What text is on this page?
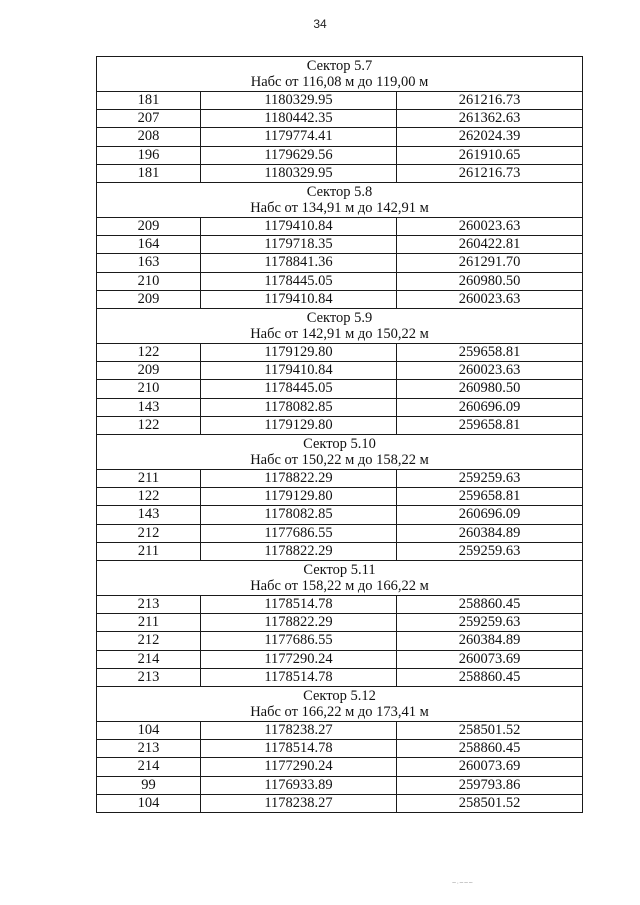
34
Сектор 5.7
Набс от 116,08 м до 119,00 м		

181	1180329.95	261216.73
207	1180442.35	261362.63
208	1179774.41	262024.39
196	1179629.56	261910.65
181	1180329.95	261216.73

Сектор 5.8
Набс от 134,91 м до 142,91 м		

209	1179410.84	260023.63
164	1179718.35	260422.81
163	1178841.36	261291.70
210	1178445.05	260980.50
209	1179410.84	260023.63

Сектор 5.9
Набс от 142,91 м до 150,22 м		

122	1179129.80	259658.81
209	1179410.84	260023.63
210	1178445.05	260980.50
143	1178082.85	260696.09
122	1179129.80	259658.81

Сектор 5.10
Набс от 150,22 м до 158,22 м		

211	1178822.29	259259.63
122	1179129.80	259658.81
143	1178082.85	260696.09
212	1177686.55	260384.89
211	1178822.29	259259.63

Сектор 5.11
Набс от 158,22 м до 166,22 м		

213	1178514.78	258860.45
211	1178822.29	259259.63
212	1177686.55	260384.89
214	1177290.24	260073.69
213	1178514.78	258860.45

Сектор 5.12
Набс от 166,22 м до 173,41 м		

104	1178238.27	258501.52
213	1178514.78	258860.45
214	1177290.24	260073.69
99	1176933.89	259793.86
104	1178238.27	258501.52
~·~~~
